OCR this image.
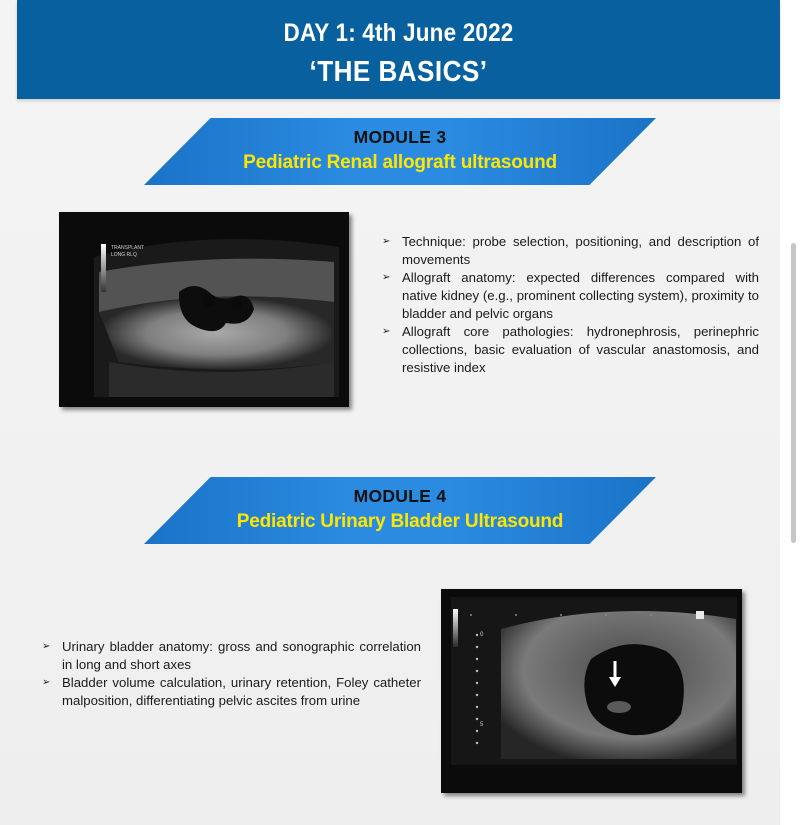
DAY 1: 4th June 2022
‘THE BASICS’
MODULE 3
Pediatric Renal allograft ultrasound
TRANSPLANT
LONG RLQ
➢ Technique: probe selection, positioning, and description of movements
➢ Allograft anatomy: expected differences compared with native kidney (e.g., prominent collecting system), proximity to bladder and pelvic organs
➢ Allograft core pathologies: hydronephrosis, perinephric collections, basic evaluation of vascular anastomosis, and resistive index
MODULE 4
Pediatric Urinary Bladder Ultrasound
➢ Urinary bladder anatomy: gross and sonographic correlation in long and short axes
➢ Bladder volume calculation, urinary retention, Foley catheter malposition, differentiating pelvic ascites from urine
0
5
